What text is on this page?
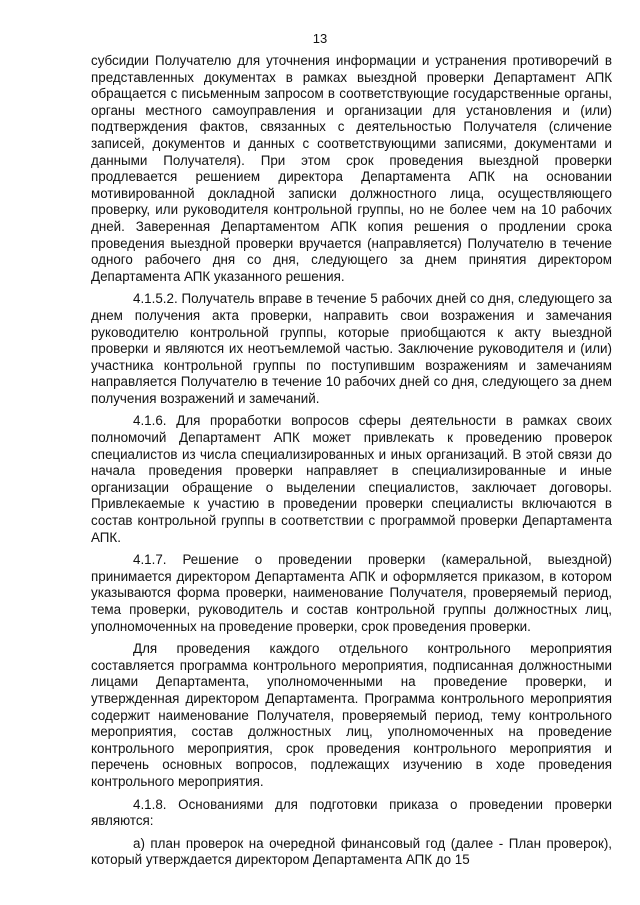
13

субсидии Получателю для уточнения информации и устранения противоречий в представленных документах в рамках выездной проверки Департамент АПК обращается с письменным запросом в соответствующие государственные органы, органы местного самоуправления и организации для установления и (или) подтверждения фактов, связанных с деятельностью Получателя (сличение записей, документов и данных с соответствующими записями, документами и данными Получателя). При этом срок проведения выездной проверки продлевается решением директора Департамента АПК на основании мотивированной докладной записки должностного лица, осуществляющего проверку, или руководителя контрольной группы, но не более чем на 10 рабочих дней. Заверенная Департаментом АПК копия решения о продлении срока проведения выездной проверки вручается (направляется) Получателю в течение одного рабочего дня со дня, следующего за днем принятия директором Департамента АПК указанного решения.

4.1.5.2. Получатель вправе в течение 5 рабочих дней со дня, следующего за днем получения акта проверки, направить свои возражения и замечания руководителю контрольной группы, которые приобщаются к акту выездной проверки и являются их неотъемлемой частью. Заключение руководителя и (или) участника контрольной группы по поступившим возражениям и замечаниям направляется Получателю в течение 10 рабочих дней со дня, следующего за днем получения возражений и замечаний.

4.1.6. Для проработки вопросов сферы деятельности в рамках своих полномочий Департамент АПК может привлекать к проведению проверок специалистов из числа специализированных и иных организаций. В этой связи до начала проведения проверки направляет в специализированные и иные организации обращение о выделении специалистов, заключает договоры. Привлекаемые к участию в проведении проверки специалисты включаются в состав контрольной группы в соответствии с программой проверки Департамента АПК.

4.1.7. Решение о проведении проверки (камеральной, выездной) принимается директором Департамента АПК и оформляется приказом, в котором указываются форма проверки, наименование Получателя, проверяемый период, тема проверки, руководитель и состав контрольной группы должностных лиц, уполномоченных на проведение проверки, срок проведения проверки.

Для проведения каждого отдельного контрольного мероприятия составляется программа контрольного мероприятия, подписанная должностными лицами Департамента, уполномоченными на проведение проверки, и утвержденная директором Департамента. Программа контрольного мероприятия содержит наименование Получателя, проверяемый период, тему контрольного мероприятия, состав должностных лиц, уполномоченных на проведение контрольного мероприятия, срок проведения контрольного мероприятия и перечень основных вопросов, подлежащих изучению в ходе проведения контрольного мероприятия.

4.1.8. Основаниями для подготовки приказа о проведении проверки являются:

а) план проверок на очередной финансовый год (далее - План проверок), который утверждается директором Департамента АПК до 15
